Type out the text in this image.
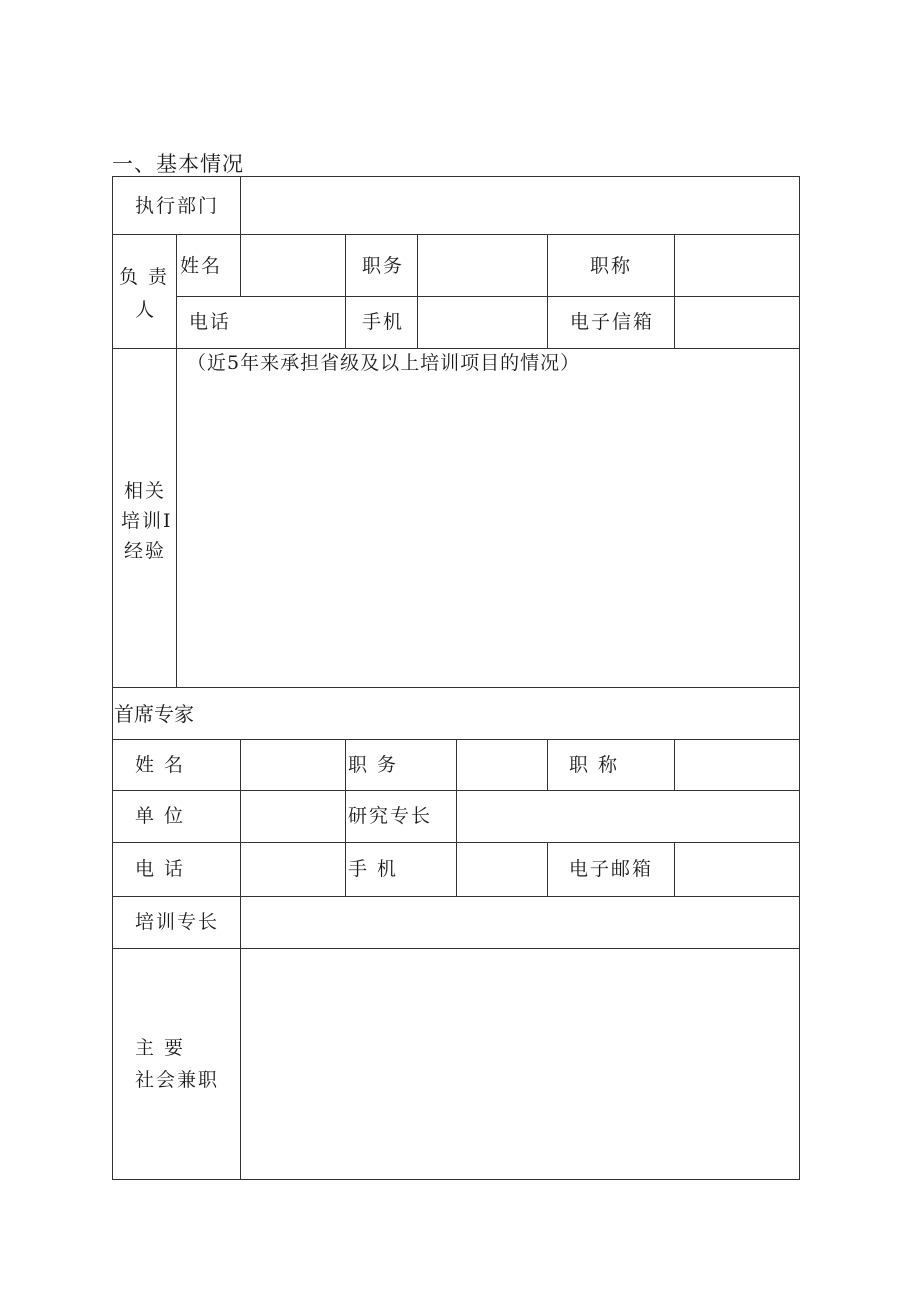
一、基本情况
执行部门
负 责
人
姓名	职务	职称
电话	手机	电子信箱
相关
培训I
经验
（近5年来承担省级及以上培训项目的情况）
首席专家
姓 名	职 务	职 称
单 位	研究专长
电 话	手 机	电子邮箱
培训专长
主 要
社会兼职
